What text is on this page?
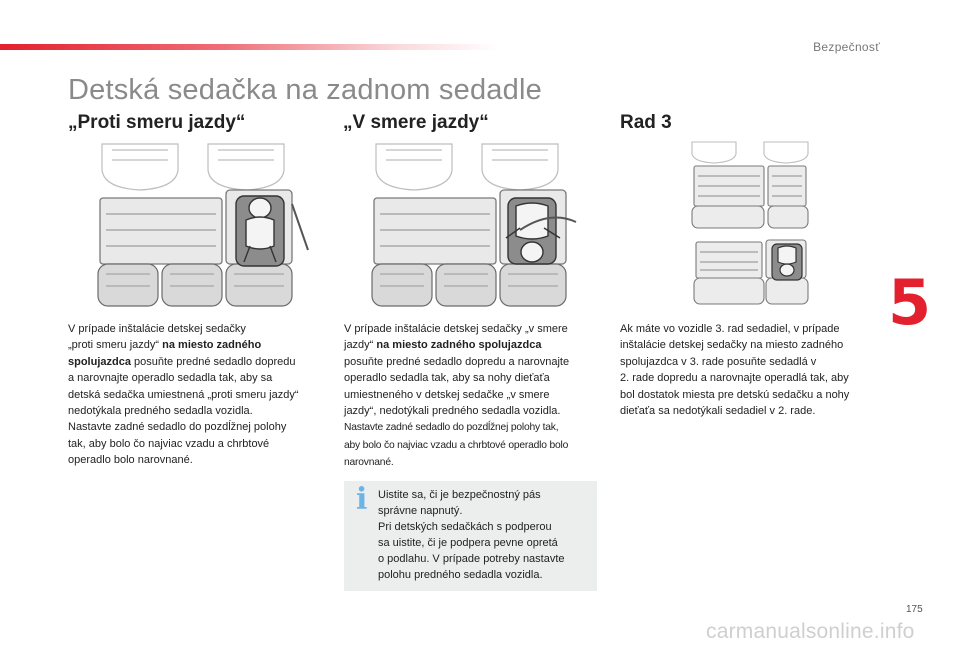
Bezpečnosť
5
Detská sedačka na zadnom sedadle
„Proti smeru jazdy“	„V smere jazdy“	Rad 3
V prípade inštalácie detskej sedačky
„proti smeru jazdy“ na miesto zadného
spolujazdca posuňte predné sedadlo dopredu
a narovnajte operadlo sedadla tak, aby sa
detská sedačka umiestnená „proti smeru jazdy“
nedotýkala predného sedadla vozidla.
Nastavte zadné sedadlo do pozdĺžnej polohy
tak, aby bolo čo najviac vzadu a chrbtové
operadlo bolo narovnané.
V prípade inštalácie detskej sedačky „v smere
jazdy“ na miesto zadného spolujazdca
posuňte predné sedadlo dopredu a narovnajte
operadlo sedadla tak, aby sa nohy dieťaťa
umiestneného v detskej sedačke „v smere
jazdy“, nedotýkali predného sedadla vozidla.
Nastavte zadné sedadlo do pozdĺžnej polohy tak,
aby bolo čo najviac vzadu a chrbtové operadlo bolo
narovnané.
Ak máte vo vozidle 3. rad sedadiel, v prípade
inštalácie detskej sedačky na miesto zadného
spolujazdca v 3. rade posuňte sedadlá v
2. rade dopredu a narovnajte operadlá tak, aby
bol dostatok miesta pre detskú sedačku a nohy
dieťaťa sa nedotýkali sedadiel v 2. rade.
i Uistite sa, či je bezpečnostný pás
správne napnutý.
Pri detských sedačkách s podperou
sa uistite, či je podpera pevne opretá
o podlahu. V prípade potreby nastavte
polohu predného sedadla vozidla.
175
carmanualsonline.info
